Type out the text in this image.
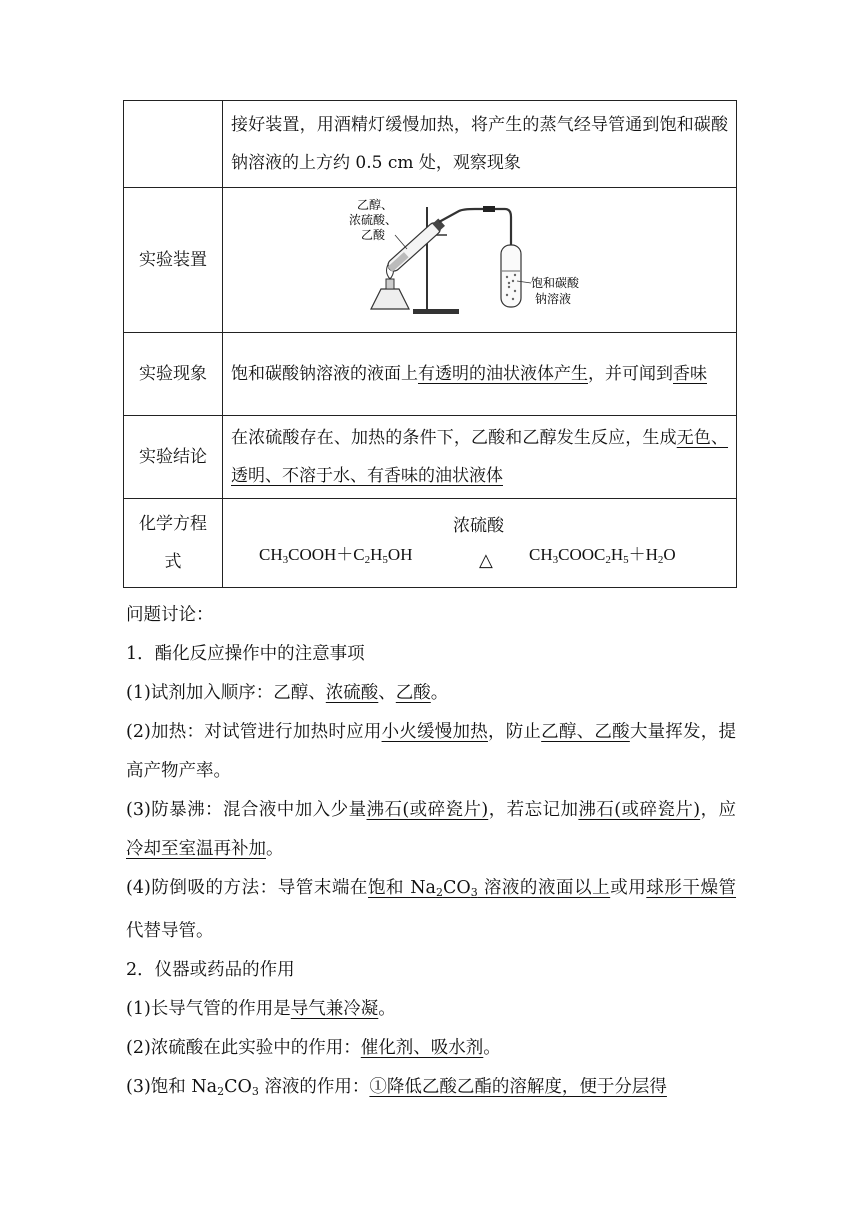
	接好装置，用酒精灯缓慢加热，将产生的蒸气经导管通到饱和碳酸钠溶液的上方约 0.5 cm 处，观察现象
实验装置	乙醇、
浓硫酸、
乙酸
饱和碳酸
钠溶液

实验现象	饱和碳酸钠溶液的液面上有透明的油状液体产生，并可闻到香味
实验结论	在浓硫酸存在、加热的条件下，乙酸和乙醇发生反应，生成无色、透明、不溶于水、有香味的油状液体
化学方程
式	$CH_3COOH+C_2H_5OH$
浓硫酸
△ $CH_3COOC_2H_5+H_2O$

问题讨论：

1．酯化反应操作中的注意事项

(1)试剂加入顺序：乙醇、浓硫酸、乙酸。

(2)加热：对试管进行加热时应用小火缓慢加热，防止乙醇、乙酸大量挥发，提高产物产率。

(3)防暴沸：混合液中加入少量沸石(或碎瓷片)，若忘记加沸石(或碎瓷片)，应冷却至室温再补加。

(4)防倒吸的方法：导管末端在饱和 $Na_2CO_3$ 溶液的液面以上或用球形干燥管代替导管。

2．仪器或药品的作用

(1)长导气管的作用是导气兼冷凝。

(2)浓硫酸在此实验中的作用：催化剂、吸水剂。

(3)饱和 $Na_2CO_3$ 溶液的作用：①降低乙酸乙酯的溶解度，便于分层得
